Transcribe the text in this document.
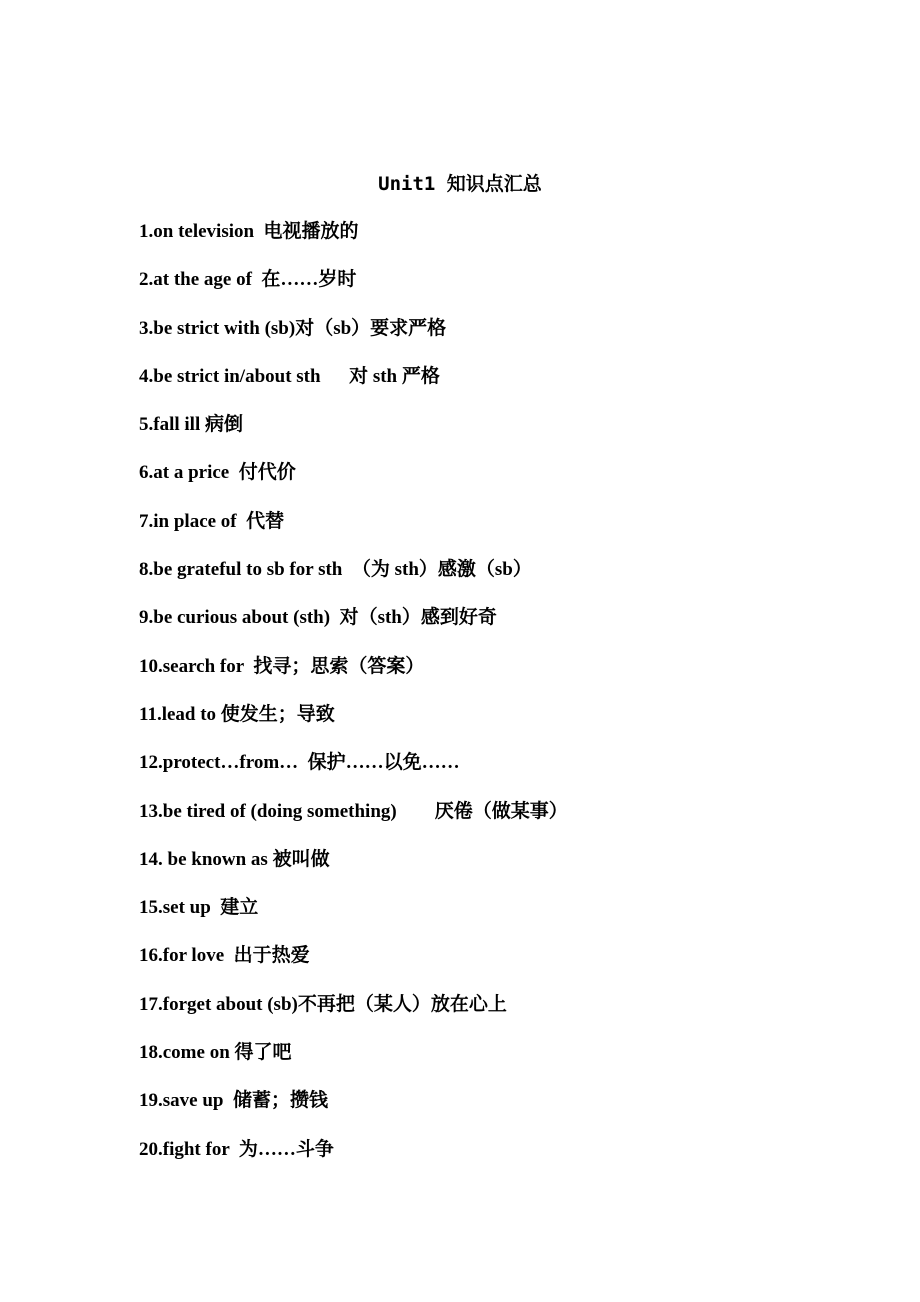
Unit1 知识点汇总
1.on television  电视播放的
2.at the age of  在……岁时
3.be strict with (sb)对（sb）要求严格
4.be strict in/about sth      对 sth 严格
5.fall ill 病倒
6.at a price  付代价
7.in place of  代替
8.be grateful to sb for sth  （为 sth）感激（sb）
9.be curious about (sth)  对（sth）感到好奇
10.search for  找寻；思索（答案）
11.lead to 使发生；导致
12.protect…from…  保护……以免……
13.be tired of (doing something)        厌倦（做某事）
14. be known as 被叫做
15.set up  建立
16.for love  出于热爱
17.forget about (sb)不再把（某人）放在心上
18.come on 得了吧
19.save up  储蓄；攒钱
20.fight for  为……斗争
